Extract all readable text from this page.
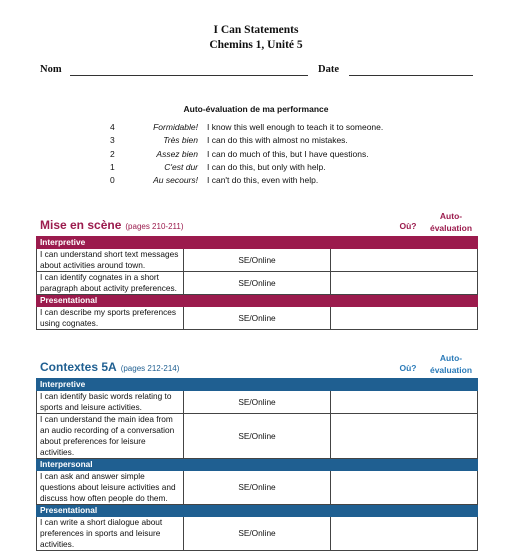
I Can Statements
Chemins 1, Unité 5
Nom	Date
Auto-évaluation de ma performance
4	Formidable! I know this well enough to teach it to someone.
3	Très bien I can do this with almost no mistakes.
2	Assez bien I can do much of this, but I have questions.
1	C'est dur I can do this, but only with help.
0	Au secours! I can't do this, even with help.
Mise en scène (pages 210-211)	Où?
Auto-
évaluation
Interpretive		
I can understand short text messages about activities around town.	SE/Online	
I can identify cognates in a short paragraph about activity preferences.	SE/Online	
Presentational		
I can describe my sports preferences using cognates.	SE/Online	
Contextes 5A (pages 212-214)	Où?
Auto-
évaluation
Interpretive		
I can identify basic words relating to sports and leisure activities.	SE/Online	
I can understand the main idea from an audio recording of a conversation about preferences for leisure activities.	SE/Online	
Interpersonal		
I can ask and answer simple questions about leisure activities and discuss how often people do them.	SE/Online	
Presentational		
I can write a short dialogue about preferences in sports and leisure activities.	SE/Online	
